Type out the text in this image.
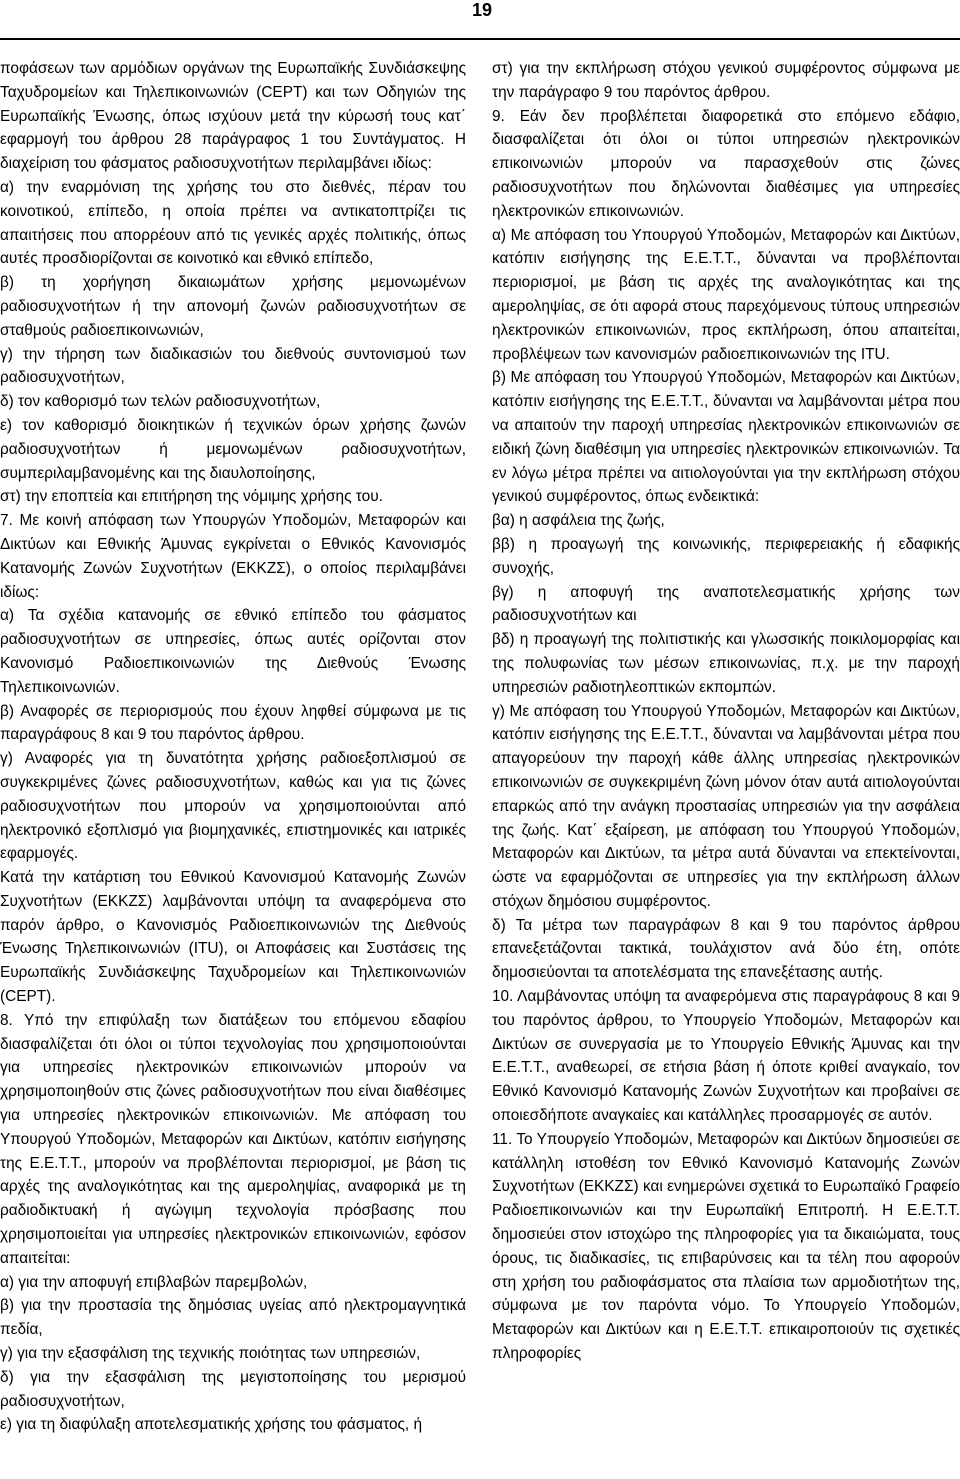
19

ποφάσεων των αρμόδιων οργάνων της Ευρωπαϊκής Συνδιάσκεψης Ταχυδρομείων και Τηλεπικοινωνιών (CEPT) και των Οδηγιών της Ευρωπαϊκής Ένωσης, όπως ισχύουν μετά την κύρωσή τους κατ΄ εφαρμογή του άρθρου 28 παράγραφος 1 του Συντάγματος. Η διαχείριση του φάσματος ραδιοσυχνοτήτων περιλαμβάνει ιδίως:

α) την εναρμόνιση της χρήσης του στο διεθνές, πέραν του κοινοτικού, επίπεδο, η οποία πρέπει να αντικατοπτρίζει τις απαιτήσεις που απορρέουν από τις γενικές αρχές πολιτικής, όπως αυτές προσδιορίζονται σε κοινοτικό και εθνικό επίπεδο,

β) τη χορήγηση δικαιωμάτων χρήσης μεμονωμένων ραδιοσυχνοτήτων ή την απονομή ζωνών ραδιοσυχνοτήτων σε σταθμούς ραδιοεπικοινωνιών,

γ) την τήρηση των διαδικασιών του διεθνούς συντονισμού των ραδιοσυχνοτήτων,

δ) τον καθορισμό των τελών ραδιοσυχνοτήτων,

ε) τον καθορισμό διοικητικών ή τεχνικών όρων χρήσης ζωνών ραδιοσυχνοτήτων ή μεμονωμένων ραδιοσυχνοτήτων, συμπεριλαμβανομένης και της διαυλοποίησης,

στ) την εποπτεία και επιτήρηση της νόμιμης χρήσης του.

7. Με κοινή απόφαση των Υπουργών Υποδομών, Μεταφορών και Δικτύων και Εθνικής Άμυνας εγκρίνεται ο Εθνικός Κανονισμός Κατανομής Ζωνών Συχνοτήτων (ΕΚΚΖΣ), ο οποίος περιλαμβάνει ιδίως:

α) Τα σχέδια κατανομής σε εθνικό επίπεδο του φάσματος ραδιοσυχνοτήτων σε υπηρεσίες, όπως αυτές ορίζονται στον Κανονισμό Ραδιοεπικοινωνιών της Διεθνούς Ένωσης Τηλεπικοινωνιών.

β) Αναφορές σε περιορισμούς που έχουν ληφθεί σύμφωνα με τις παραγράφους 8 και 9 του παρόντος άρθρου.

γ) Αναφορές για τη δυνατότητα χρήσης ραδιοεξοπλισμού σε συγκεκριμένες ζώνες ραδιοσυχνοτήτων, καθώς και για τις ζώνες ραδιοσυχνοτήτων που μπορούν να χρησιμοποιούνται από ηλεκτρονικό εξοπλισμό για βιομηχανικές, επιστημονικές και ιατρικές εφαρμογές.

Κατά την κατάρτιση του Εθνικού Κανονισμού Κατανομής Ζωνών Συχνοτήτων (ΕΚΚΖΣ) λαμβάνονται υπόψη τα αναφερόμενα στο παρόν άρθρο, ο Κανονισμός Ραδιοεπικοινωνιών της Διεθνούς Ένωσης Τηλεπικοινωνιών (ITU), οι Αποφάσεις και Συστάσεις της Ευρωπαϊκής Συνδιάσκεψης Ταχυδρομείων και Τηλεπικοινωνιών (CEPT).

8. Υπό την επιφύλαξη των διατάξεων του επόμενου εδαφίου διασφαλίζεται ότι όλοι οι τύποι τεχνολογίας που χρησιμοποιούνται για υπηρεσίες ηλεκτρονικών επικοινωνιών μπορούν να χρησιμοποιηθούν στις ζώνες ραδιοσυχνοτήτων που είναι διαθέσιμες για υπηρεσίες ηλεκτρονικών επικοινωνιών. Με απόφαση του Υπουργού Υποδομών, Μεταφορών και Δικτύων, κατόπιν εισήγησης της Ε.Ε.Τ.Τ., μπορούν να προβλέπονται περιορισμοί, με βάση τις αρχές της αναλογικότητας και της αμεροληψίας, αναφορικά με τη ραδιοδικτυακή ή αγώγιμη τεχνολογία πρόσβασης που χρησιμοποιείται για υπηρεσίες ηλεκτρονικών επικοινωνιών, εφόσον απαιτείται:

α) για την αποφυγή επιβλαβών παρεμβολών,

β) για την προστασία της δημόσιας υγείας από ηλεκτρομαγνητικά πεδία,

γ) για την εξασφάλιση της τεχνικής ποιότητας των υπηρεσιών,

δ) για την εξασφάλιση της μεγιστοποίησης του μερισμού ραδιοσυχνοτήτων,

ε) για τη διαφύλαξη αποτελεσματικής χρήσης του φάσματος, ή

στ) για την εκπλήρωση στόχου γενικού συμφέροντος σύμφωνα με την παράγραφο 9 του παρόντος άρθρου.

9. Εάν δεν προβλέπεται διαφορετικά στο επόμενο εδάφιο, διασφαλίζεται ότι όλοι οι τύποι υπηρεσιών ηλεκτρονικών επικοινωνιών μπορούν να παρασχεθούν στις ζώνες ραδιοσυχνοτήτων που δηλώνονται διαθέσιμες για υπηρεσίες ηλεκτρονικών επικοινωνιών.

α) Με απόφαση του Υπουργού Υποδομών, Μεταφορών και Δικτύων, κατόπιν εισήγησης της Ε.Ε.Τ.Τ., δύνανται να προβλέπονται περιορισμοί, με βάση τις αρχές της αναλογικότητας και της αμεροληψίας, σε ότι αφορά στους παρεχόμενους τύπους υπηρεσιών ηλεκτρονικών επικοινωνιών, προς εκπλήρωση, όπου απαιτείται, προβλέψεων των κανονισμών ραδιοεπικοινωνιών της ITU.

β) Με απόφαση του Υπουργού Υποδομών, Μεταφορών και Δικτύων, κατόπιν εισήγησης της Ε.Ε.Τ.Τ., δύνανται να λαμβάνονται μέτρα που να απαιτούν την παροχή υπηρεσίας ηλεκτρονικών επικοινωνιών σε ειδική ζώνη διαθέσιμη για υπηρεσίες ηλεκτρονικών επικοινωνιών. Τα εν λόγω μέτρα πρέπει να αιτιολογούνται για την εκπλήρωση στόχου γενικού συμφέροντος, όπως ενδεικτικά:

βα) η ασφάλεια της ζωής,

ββ) η προαγωγή της κοινωνικής, περιφερειακής ή εδαφικής συνοχής,

βγ) η αποφυγή της αναποτελεσματικής χρήσης των ραδιοσυχνοτήτων και

βδ) η προαγωγή της πολιτιστικής και γλωσσικής ποικιλομορφίας και της πολυφωνίας των μέσων επικοινωνίας, π.χ. με την παροχή υπηρεσιών ραδιοτηλεοπτικών εκπομπών.

γ) Με απόφαση του Υπουργού Υποδομών, Μεταφορών και Δικτύων, κατόπιν εισήγησης της Ε.Ε.Τ.Τ., δύνανται να λαμβάνονται μέτρα που απαγορεύουν την παροχή κάθε άλλης υπηρεσίας ηλεκτρονικών επικοινωνιών σε συγκεκριμένη ζώνη μόνον όταν αυτά αιτιολογούνται επαρκώς από την ανάγκη προστασίας υπηρεσιών για την ασφάλεια της ζωής. Κατ΄ εξαίρεση, με απόφαση του Υπουργού Υποδομών, Μεταφορών και Δικτύων, τα μέτρα αυτά δύνανται να επεκτείνονται, ώστε να εφαρμόζονται σε υπηρεσίες για την εκπλήρωση άλλων στόχων δημόσιου συμφέροντος.

δ) Τα μέτρα των παραγράφων 8 και 9 του παρόντος άρθρου επανεξετάζονται τακτικά, τουλάχιστον ανά δύο έτη, οπότε δημοσιεύονται τα αποτελέσματα της επανεξέτασης αυτής.

10. Λαμβάνοντας υπόψη τα αναφερόμενα στις παραγράφους 8 και 9 του παρόντος άρθρου, το Υπουργείο Υποδομών, Μεταφορών και Δικτύων σε συνεργασία με το Υπουργείο Εθνικής Άμυνας και την Ε.Ε.Τ.Τ., αναθεωρεί, σε ετήσια βάση ή όποτε κριθεί αναγκαίο, τον Εθνικό Κανονισμό Κατανομής Ζωνών Συχνοτήτων και προβαίνει σε οποιεσδήποτε αναγκαίες και κατάλληλες προσαρμογές σε αυτόν.

11. Το Υπουργείο Υποδομών, Μεταφορών και Δικτύων δημοσιεύει σε κατάλληλη ιστοθέση τον Εθνικό Κανονισμό Κατανομής Ζωνών Συχνοτήτων (ΕΚΚΖΣ) και ενημερώνει σχετικά το Ευρωπαϊκό Γραφείο Ραδιοεπικοινωνιών και την Ευρωπαϊκή Επιτροπή. Η Ε.Ε.Τ.Τ. δημοσιεύει στον ιστοχώρο της πληροφορίες για τα δικαιώματα, τους όρους, τις διαδικασίες, τις επιβαρύνσεις και τα τέλη που αφορούν στη χρήση του ραδιοφάσματος στα πλαίσια των αρμοδιοτήτων της, σύμφωνα με τον παρόντα νόμο. Το Υπουργείο Υποδομών, Μεταφορών και Δικτύων και η Ε.Ε.Τ.Τ. επικαιροποιούν τις σχετικές πληροφορίες
